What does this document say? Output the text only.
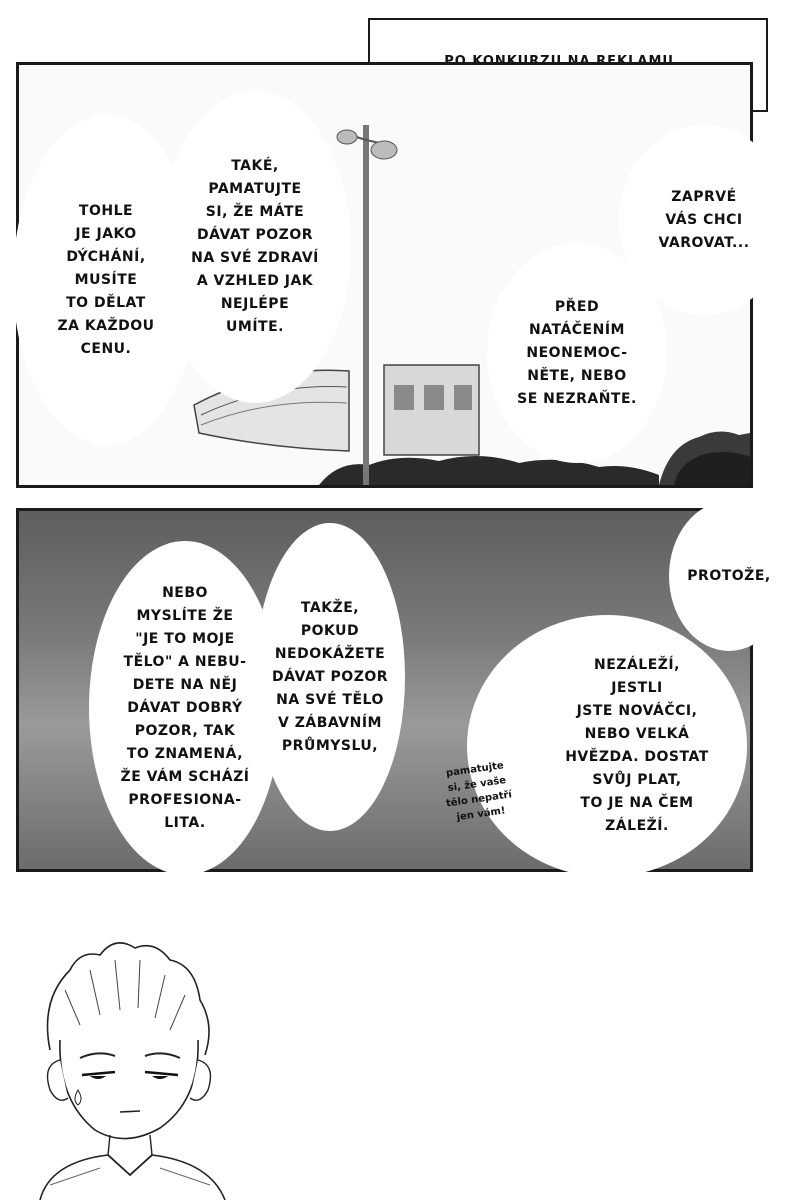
TOHLE
JE JAKO
DÝCHÁNÍ,
MUSÍTE
TO DĚLAT
ZA KAŽDOU
CENU.
TAKÉ,
PAMATUJTE
SI, ŽE MÁTE
DÁVAT POZOR
NA SVÉ ZDRAVÍ
A VZHLED JAK
NEJLÉPE
UMÍTE.
ZAPRVÉ
VÁS CHCI
VAROVAT...
PŘED
NATÁČENÍM
NEONEMOC-
NĚTE, NEBO
SE NEZRAŇTE.
NEBO
MYSLÍTE ŽE
"JE TO MOJE
TĚLO" A NEBU-
DETE NA NĚJ
DÁVAT DOBRÝ
POZOR, TAK
TO ZNAMENÁ,
ŽE VÁM SCHÁZÍ
PROFESIONA-
LITA.
TAKŽE,
POKUD
NEDOKÁŽETE
DÁVAT POZOR
NA SVÉ TĚLO
V ZÁBAVNÍM
PRŮMYSLU,
PROTOŽE,
NEZÁLEŽÍ,
JESTLI
JSTE NOVÁČCI,
NEBO VELKÁ
HVĚZDA. DOSTAT
SVŮJ PLAT,
TO JE NA ČEM
ZÁLEŽÍ.
pamatujte
si, že vaše
tělo nepatří
jen vám!
